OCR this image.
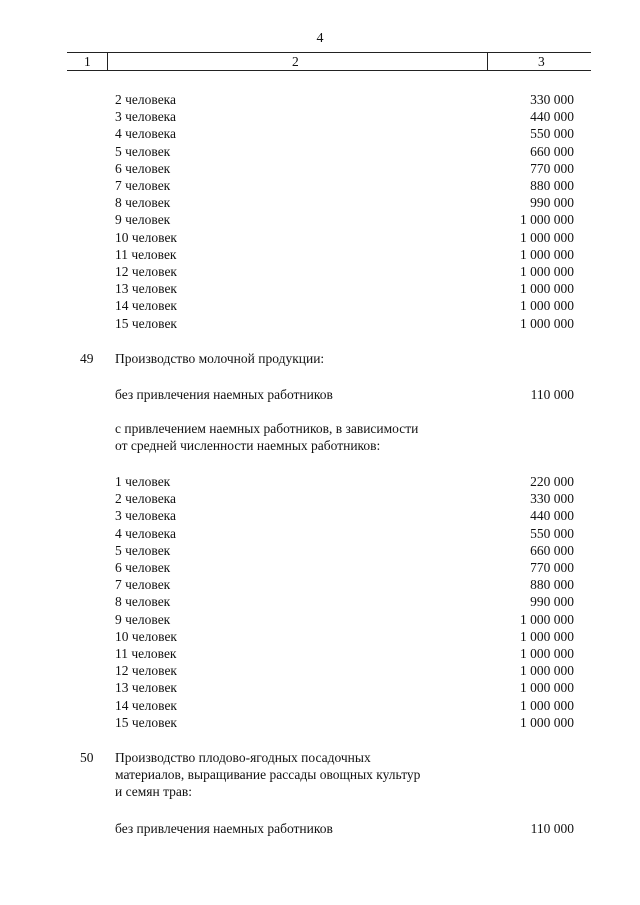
4
1	2	3
2 человека	330 000
3 человека	440 000
4 человека	550 000
5 человек	660 000
6 человек	770 000
7 человек	880 000
8 человек	990 000
9 человек	1 000 000
10 человек	1 000 000
11 человек	1 000 000
12 человек	1 000 000
13 человек	1 000 000
14 человек	1 000 000
15 человек	1 000 000
49 Производство молочной продукции:
без привлечения наемных работников	110 000
с привлечением наемных работников, в зависимости
от средней численности наемных работников:
1 человек	220 000
2 человека	330 000
3 человека	440 000
4 человека	550 000
5 человек	660 000
6 человек	770 000
7 человек	880 000
8 человек	990 000
9 человек	1 000 000
10 человек	1 000 000
11 человек	1 000 000
12 человек	1 000 000
13 человек	1 000 000
14 человек	1 000 000
15 человек	1 000 000
50 Производство плодово-ягодных посадочных
материалов, выращивание рассады овощных культур
и семян трав:
без привлечения наемных работников	110 000
